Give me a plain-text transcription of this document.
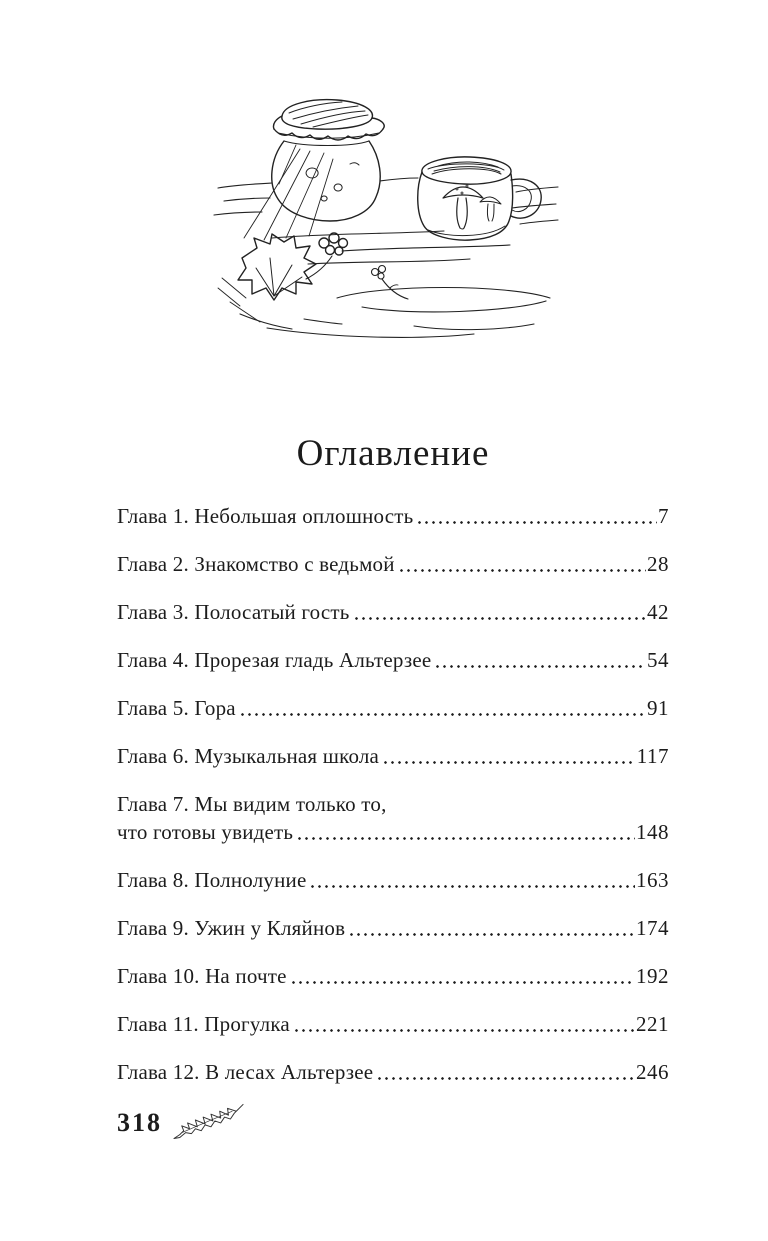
Оглавление
Глава 1. Небольшая оплошность	7
Глава 2. Знакомство с ведьмой	28
Глава 3. Полосатый гость	42
Глава 4. Прорезая гладь Альтерзее	54
Глава 5. Гора	91
Глава 6. Музыкальная школа	117
Глава 7. Мы видим только то,
что готовы увидеть	148
Глава 8. Полнолуние	163
Глава 9. Ужин у Кляйнов	174
Глава 10. На почте	192
Глава 11. Прогулка	221
Глава 12. В лесах Альтерзее	246
318
